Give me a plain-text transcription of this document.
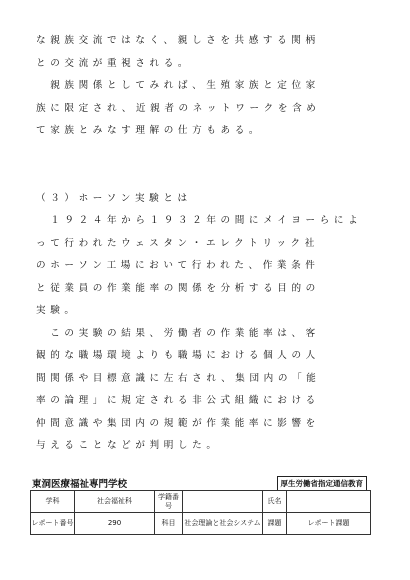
な親族交流ではなく、親しさを共感する関柄
との交流が重視される。
　親族関係としてみれば、生殖家族と定位家
族に限定され、近親者のネットワークを含め
て家族とみなす理解の仕方もある。
（３）ホーソン実験とは
　１９２４年から１９３２年の間にメイヨーらによ
って行われたウェスタン・エレクトリック社
のホーソン工場において行われた、作業条件
と従業員の作業能率の関係を分析する目的の
実験。
　この実験の結果、労働者の作業能率は、客
観的な職場環境よりも職場における個人の人
間関係や目標意識に左右され、集団内の「能
率の論理」に規定される非公式組織における
仲間意識や集団内の規範が作業能率に影響を
与えることなどが判明した。
東洞医療福祉専門学校	厚生労働省指定通信教育
学科	社会福祉科	学籍番号		氏名	
レポート番号	290	科目	社会理論と社会システム	課題	レポート課題
